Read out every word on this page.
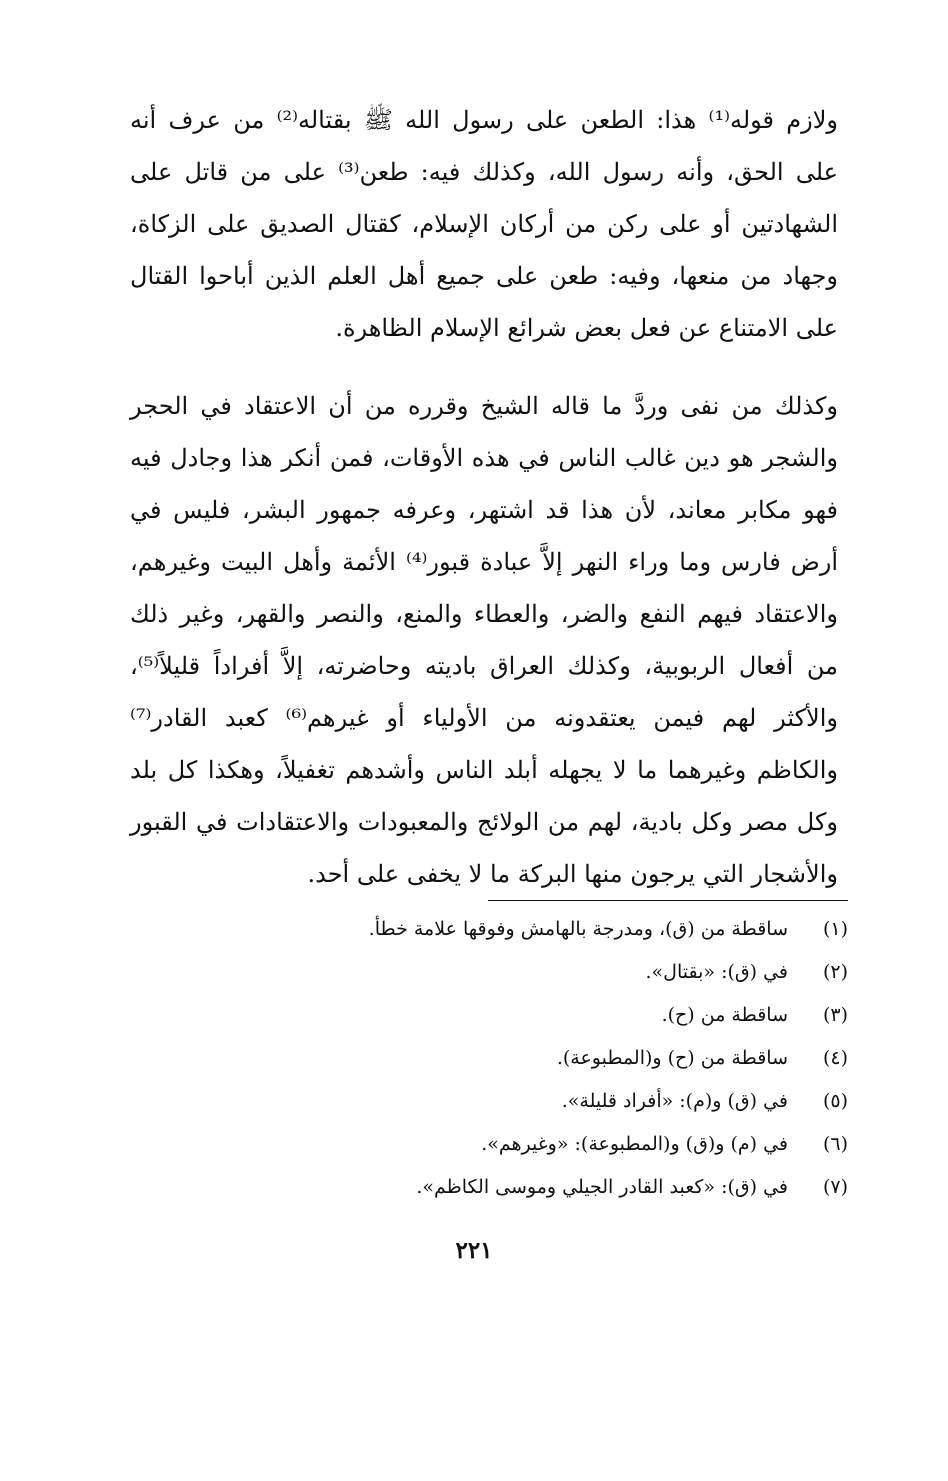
ولازم قوله⁽¹⁾ هذا: الطعن على رسول الله ﷺ بقتاله⁽²⁾ من عرف أنه
على الحق، وأنه رسول الله، وكذلك فيه: طعن⁽³⁾ على من قاتل على
الشهادتين أو على ركن من أركان الإسلام، كقتال الصديق على الزكاة،
وجهاد من منعها، وفيه: طعن على جميع أهل العلم الذين أباحوا القتال
على الامتناع عن فعل بعض شرائع الإسلام الظاهرة.
وكذلك من نفى وردَّ ما قاله الشيخ وقرره من أن الاعتقاد في الحجر
والشجر هو دين غالب الناس في هذه الأوقات، فمن أنكر هذا وجادل فيه
فهو مكابر معاند، لأن هذا قد اشتهر، وعرفه جمهور البشر، فليس في
أرض فارس وما وراء النهر إلاَّ عبادة قبور⁽⁴⁾ الأئمة وأهل البيت وغيرهم،
والاعتقاد فيهم النفع والضر، والعطاء والمنع، والنصر والقهر، وغير ذلك
من أفعال الربوبية، وكذلك العراق باديته وحاضرته، إلاَّ أفراداً قليلاً⁽⁵⁾،
والأكثر لهم فيمن يعتقدونه من الأولياء أو غيرهم⁽⁶⁾ كعبد القادر⁽⁷⁾
والكاظم وغيرهما ما لا يجهله أبلد الناس وأشدهم تغفيلاً، وهكذا كل بلد
وكل مصر وكل بادية، لهم من الولائج والمعبودات والاعتقادات في القبور
والأشجار التي يرجون منها البركة ما لا يخفى على أحد.
(١)ساقطة من (ق)، ومدرجة بالهامش وفوقها علامة خطأ.
(٢)في (ق): «بقتال».
(٣)ساقطة من (ح).
(٤)ساقطة من (ح) و(المطبوعة).
(٥)في (ق) و(م): «أفراد قليلة».
(٦)في (م) و(ق) و(المطبوعة): «وغيرهم».
(٧)في (ق): «كعبد القادر الجيلي وموسى الكاظم».
٢٢١
